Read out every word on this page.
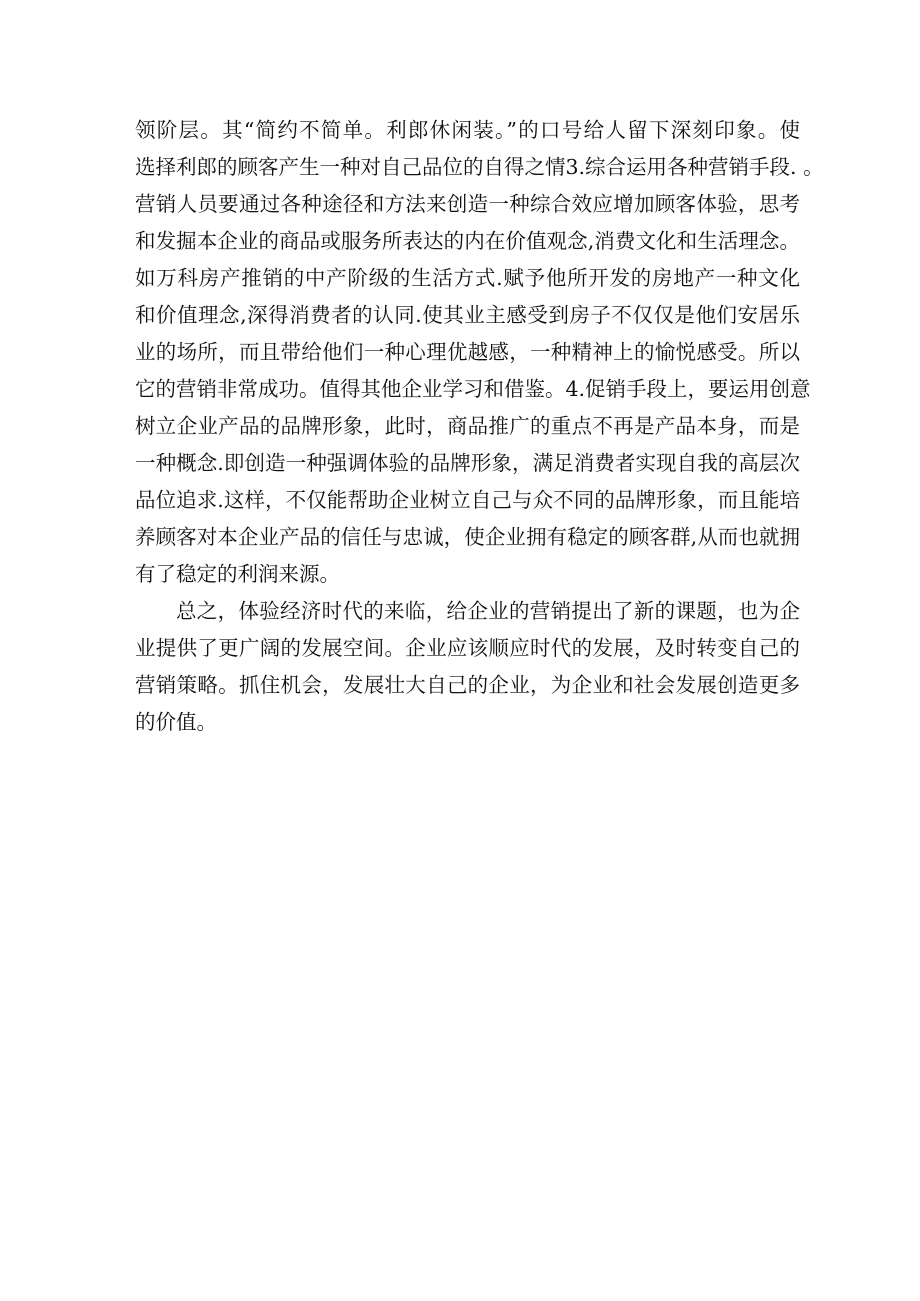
领阶层。其“简约不简单。利郎休闲装。”的口号给人留下深刻印象。使
选择利郎的顾客产生一种对自己品位的自得之情3.综合运用各种营销手段. 。
营销人员要通过各种途径和方法来创造一种综合效应增加顾客体验，思考
和发掘本企业的商品或服务所表达的内在价值观念,消费文化和生活理念。
如万科房产推销的中产阶级的生活方式.赋予他所开发的房地产一种文化
和价值理念,深得消费者的认同.使其业主感受到房子不仅仅是他们安居乐
业的场所，而且带给他们一种心理优越感，一种精神上的愉悦感受。所以
它的营销非常成功。值得其他企业学习和借鉴。4.促销手段上，要运用创意
树立企业产品的品牌形象，此时，商品推广的重点不再是产品本身，而是
一种概念.即创造一种强调体验的品牌形象，满足消费者实现自我的高层次
品位追求.这样，不仅能帮助企业树立自己与众不同的品牌形象，而且能培
养顾客对本企业产品的信任与忠诚，使企业拥有稳定的顾客群,从而也就拥
有了稳定的利润来源。
总之，体验经济时代的来临，给企业的营销提出了新的课题，也为企
业提供了更广阔的发展空间。企业应该顺应时代的发展，及时转变自己的
营销策略。抓住机会，发展壮大自己的企业，为企业和社会发展创造更多
的价值。
